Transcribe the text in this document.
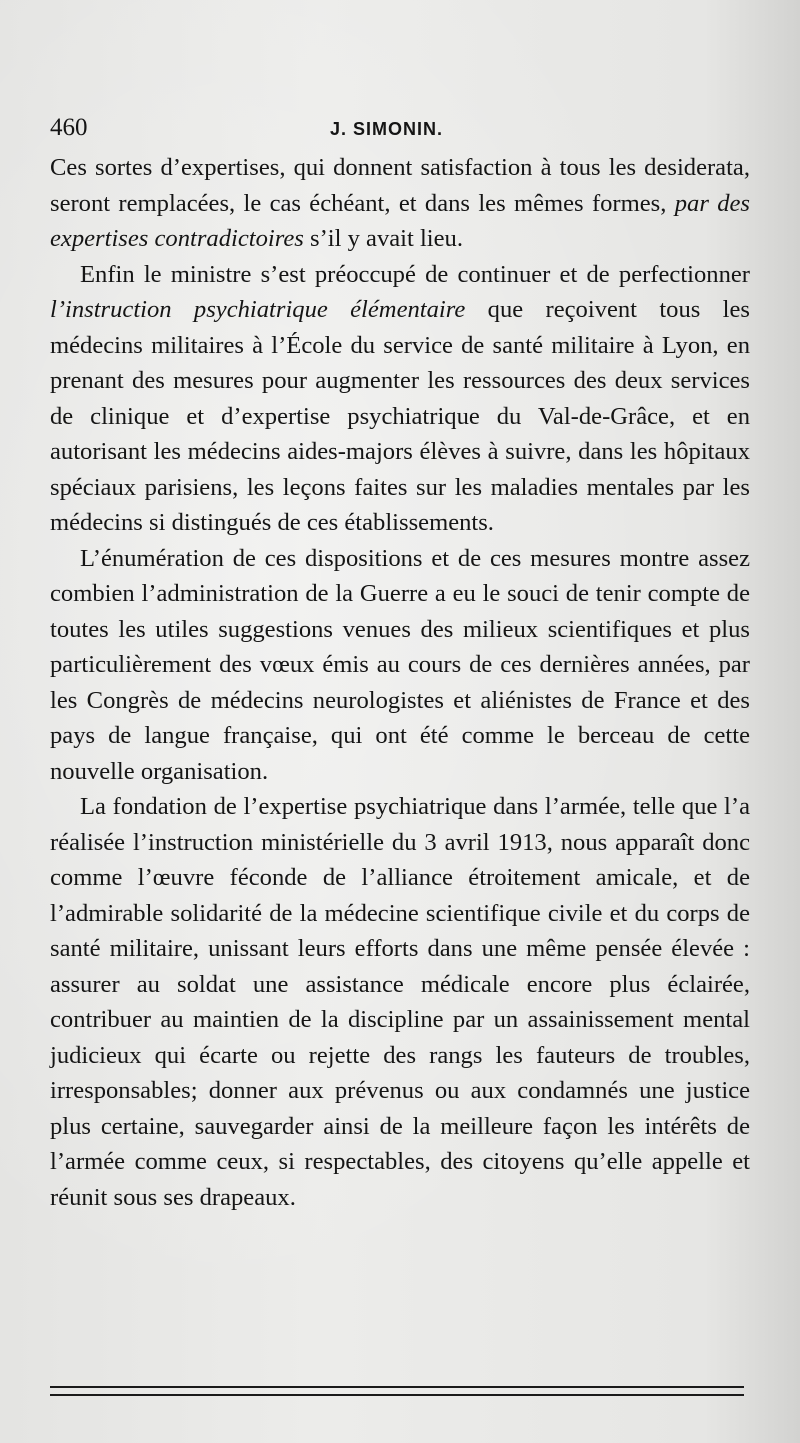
460	J. SIMONIN.

Ces sortes d’expertises, qui donnent satisfaction à tous les desiderata, seront remplacées, le cas échéant, et dans les mêmes formes, par des expertises contradictoires s’il y avait lieu.

Enfin le ministre s’est préoccupé de continuer et de perfectionner l’instruction psychiatrique élémentaire que reçoivent tous les médecins militaires à l’École du service de santé militaire à Lyon, en prenant des mesures pour augmenter les ressources des deux services de clinique et d’expertise psychiatrique du Val-de-Grâce, et en autorisant les médecins aides-majors élèves à suivre, dans les hôpitaux spéciaux parisiens, les leçons faites sur les maladies mentales par les médecins si distingués de ces établissements.

L’énumération de ces dispositions et de ces mesures montre assez combien l’administration de la Guerre a eu le souci de tenir compte de toutes les utiles suggestions venues des milieux scientifiques et plus particulièrement des vœux émis au cours de ces dernières années, par les Congrès de médecins neurologistes et aliénistes de France et des pays de langue française, qui ont été comme le berceau de cette nouvelle organisation.

La fondation de l’expertise psychiatrique dans l’armée, telle que l’a réalisée l’instruction ministérielle du 3 avril 1913, nous apparaît donc comme l’œuvre féconde de l’alliance étroitement amicale, et de l’admirable solidarité de la médecine scientifique civile et du corps de santé militaire, unissant leurs efforts dans une même pensée élevée : assurer au soldat une assistance médicale encore plus éclairée, contribuer au maintien de la discipline par un assainissement mental judicieux qui écarte ou rejette des rangs les fauteurs de troubles, irresponsables; donner aux prévenus ou aux condamnés une justice plus certaine, sauvegarder ainsi de la meilleure façon les intérêts de l’armée comme ceux, si respectables, des citoyens qu’elle appelle et réunit sous ses drapeaux.
